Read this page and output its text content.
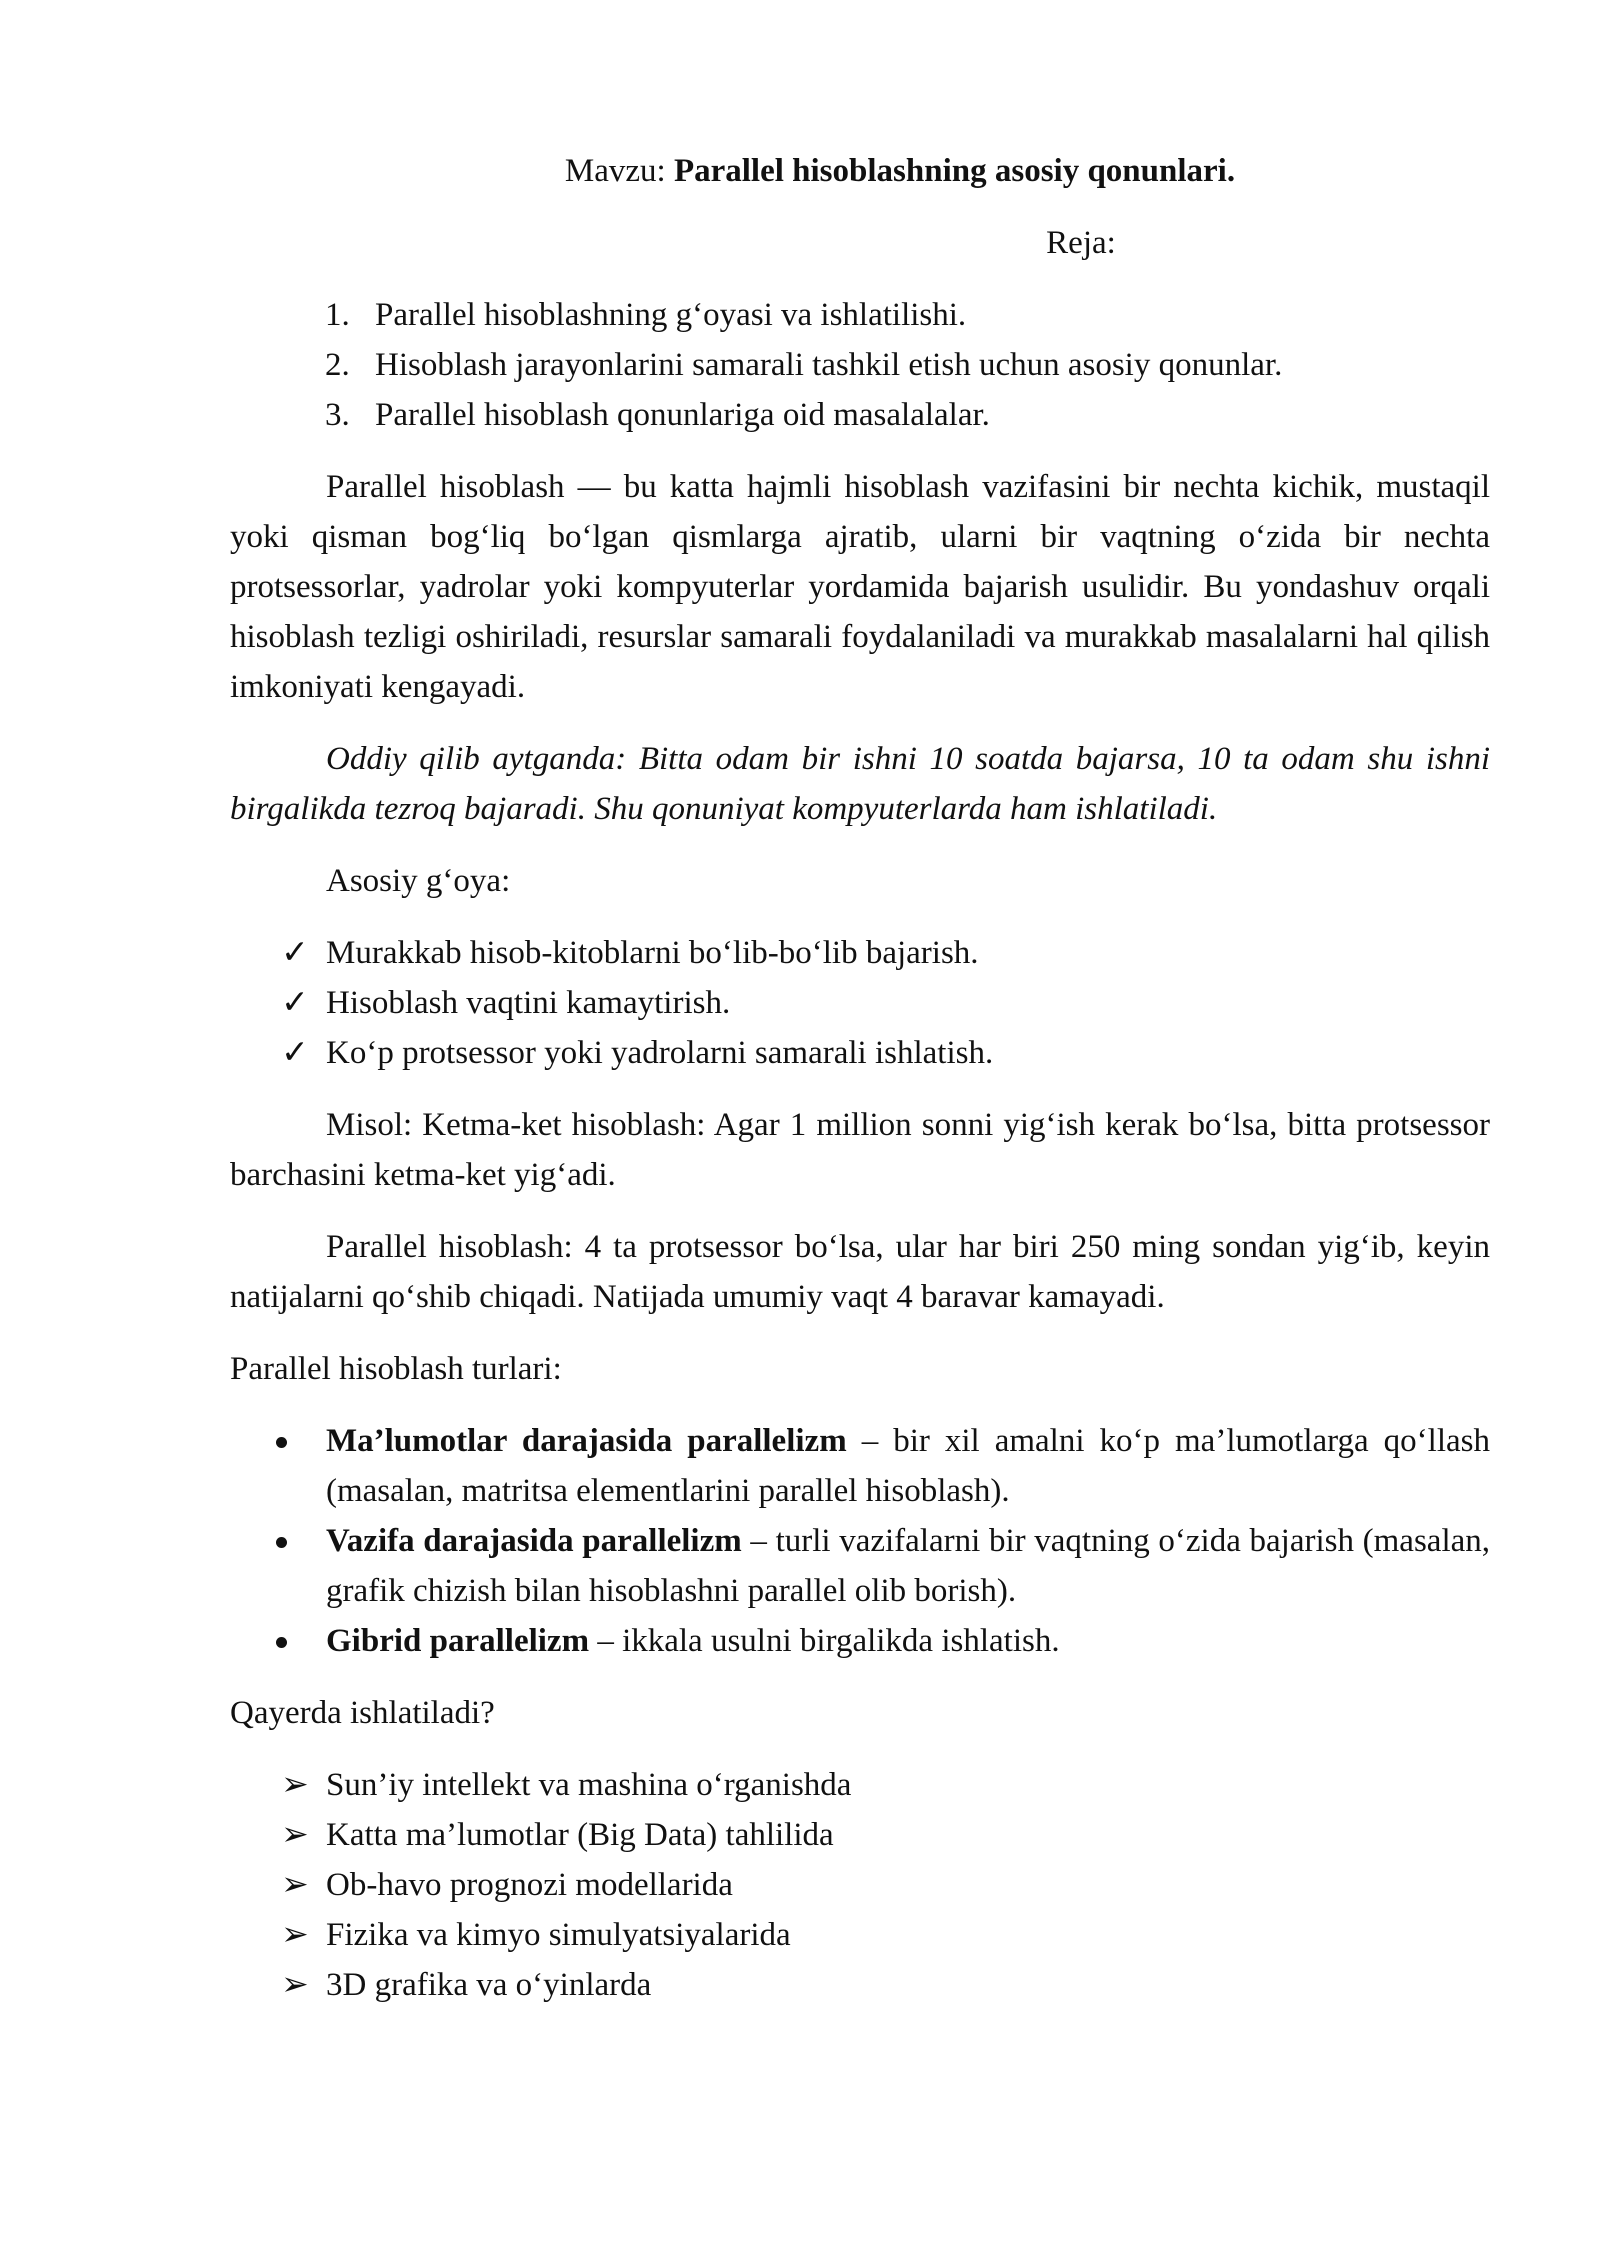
Mavzu: Parallel hisoblashning asosiy qonunlari.

Reja:

1. Parallel hisoblashning g‘oyasi va ishlatilishi.
2. Hisoblash jarayonlarini samarali tashkil etish uchun asosiy qonunlar.
3. Parallel hisoblash qonunlariga oid masalalalar.

Parallel hisoblash — bu katta hajmli hisoblash vazifasini bir nechta kichik, mustaqil yoki qisman bog‘liq bo‘lgan qismlarga ajratib, ularni bir vaqtning o‘zida bir nechta protsessorlar, yadrolar yoki kompyuterlar yordamida bajarish usulidir. Bu yondashuv orqali hisoblash tezligi oshiriladi, resurslar samarali foydalaniladi va murakkab masalalarni hal qilish imkoniyati kengayadi.

Oddiy qilib aytganda: Bitta odam bir ishni 10 soatda bajarsa, 10 ta odam shu ishni birgalikda tezroq bajaradi. Shu qonuniyat kompyuterlarda ham ishlatiladi.

Asosiy g‘oya:

✓ Murakkab hisob-kitoblarni bo‘lib-bo‘lib bajarish.
✓ Hisoblash vaqtini kamaytirish.
✓ Ko‘p protsessor yoki yadrolarni samarali ishlatish.

Misol: Ketma-ket hisoblash: Agar 1 million sonni yig‘ish kerak bo‘lsa, bitta protsessor barchasini ketma-ket yig‘adi.

Parallel hisoblash: 4 ta protsessor bo‘lsa, ular har biri 250 ming sondan yig‘ib, keyin natijalarni qo‘shib chiqadi. Natijada umumiy vaqt 4 baravar kamayadi.

Parallel hisoblash turlari:

Ma’lumotlar darajasida parallelizm – bir xil amalni ko‘p ma’lumotlarga qo‘llash (masalan, matritsa elementlarini parallel hisoblash).
Vazifa darajasida parallelizm – turli vazifalarni bir vaqtning o‘zida bajarish (masalan, grafik chizish bilan hisoblashni parallel olib borish).
Gibrid parallelizm – ikkala usulni birgalikda ishlatish.

Qayerda ishlatiladi?

➢ Sun’iy intellekt va mashina o‘rganishda
➢ Katta ma’lumotlar (Big Data) tahlilida
➢ Ob-havo prognozi modellarida
➢ Fizika va kimyo simulyatsiyalarida
➢ 3D grafika va o‘yinlarda
